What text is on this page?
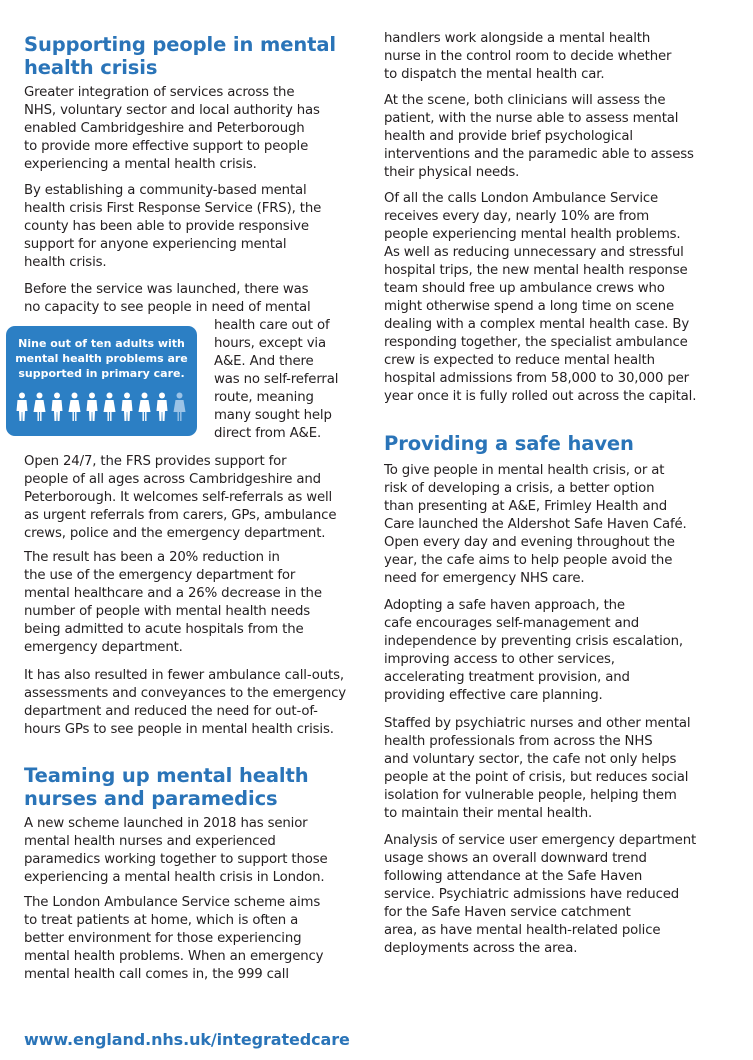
Supporting people in mental health crisis

Greater integration of services across the
NHS, voluntary sector and local authority has
enabled Cambridgeshire and Peterborough
to provide more effective support to people
experiencing a mental health crisis.

By establishing a community-based mental
health crisis First Response Service (FRS), the
county has been able to provide responsive
support for anyone experiencing mental
health crisis.

Before the service was launched, there was
no capacity to see people in need of mental

health care out of
hours, except via
A&E. And there
was no self-referral
route, meaning
many sought help
direct from A&E.

Nine out of ten adults with
mental health problems are
supported in primary care.

Open 24/7, the FRS provides support for
people of all ages across Cambridgeshire and
Peterborough. It welcomes self-referrals as well
as urgent referrals from carers, GPs, ambulance
crews, police and the emergency department.

The result has been a 20% reduction in
the use of the emergency department for
mental healthcare and a 26% decrease in the
number of people with mental health needs
being admitted to acute hospitals from the
emergency department.

It has also resulted in fewer ambulance call-outs,
assessments and conveyances to the emergency
department and reduced the need for out-of-
hours GPs to see people in mental health crisis.

Teaming up mental health nurses and paramedics

A new scheme launched in 2018 has senior
mental health nurses and experienced
paramedics working together to support those
experiencing a mental health crisis in London.

The London Ambulance Service scheme aims
to treat patients at home, which is often a
better environment for those experiencing
mental health problems. When an emergency
mental health call comes in, the 999 call

handlers work alongside a mental health
nurse in the control room to decide whether
to dispatch the mental health car.

At the scene, both clinicians will assess the
patient, with the nurse able to assess mental
health and provide brief psychological
interventions and the paramedic able to assess
their physical needs.

Of all the calls London Ambulance Service
receives every day, nearly 10% are from
people experiencing mental health problems.
As well as reducing unnecessary and stressful
hospital trips, the new mental health response
team should free up ambulance crews who
might otherwise spend a long time on scene
dealing with a complex mental health case. By
responding together, the specialist ambulance
crew is expected to reduce mental health
hospital admissions from 58,000 to 30,000 per
year once it is fully rolled out across the capital.

Providing a safe haven

To give people in mental health crisis, or at
risk of developing a crisis, a better option
than presenting at A&E, Frimley Health and
Care launched the Aldershot Safe Haven Café.
Open every day and evening throughout the
year, the cafe aims to help people avoid the
need for emergency NHS care.

Adopting a safe haven approach, the
cafe encourages self-management and
independence by preventing crisis escalation,
improving access to other services,
accelerating treatment provision, and
providing effective care planning.

Staffed by psychiatric nurses and other mental
health professionals from across the NHS
and voluntary sector, the cafe not only helps
people at the point of crisis, but reduces social
isolation for vulnerable people, helping them
to maintain their mental health.

Analysis of service user emergency department
usage shows an overall downward trend
following attendance at the Safe Haven
service. Psychiatric admissions have reduced
for the Safe Haven service catchment
area, as have mental health-related police
deployments across the area.

www.england.nhs.uk/integratedcare
